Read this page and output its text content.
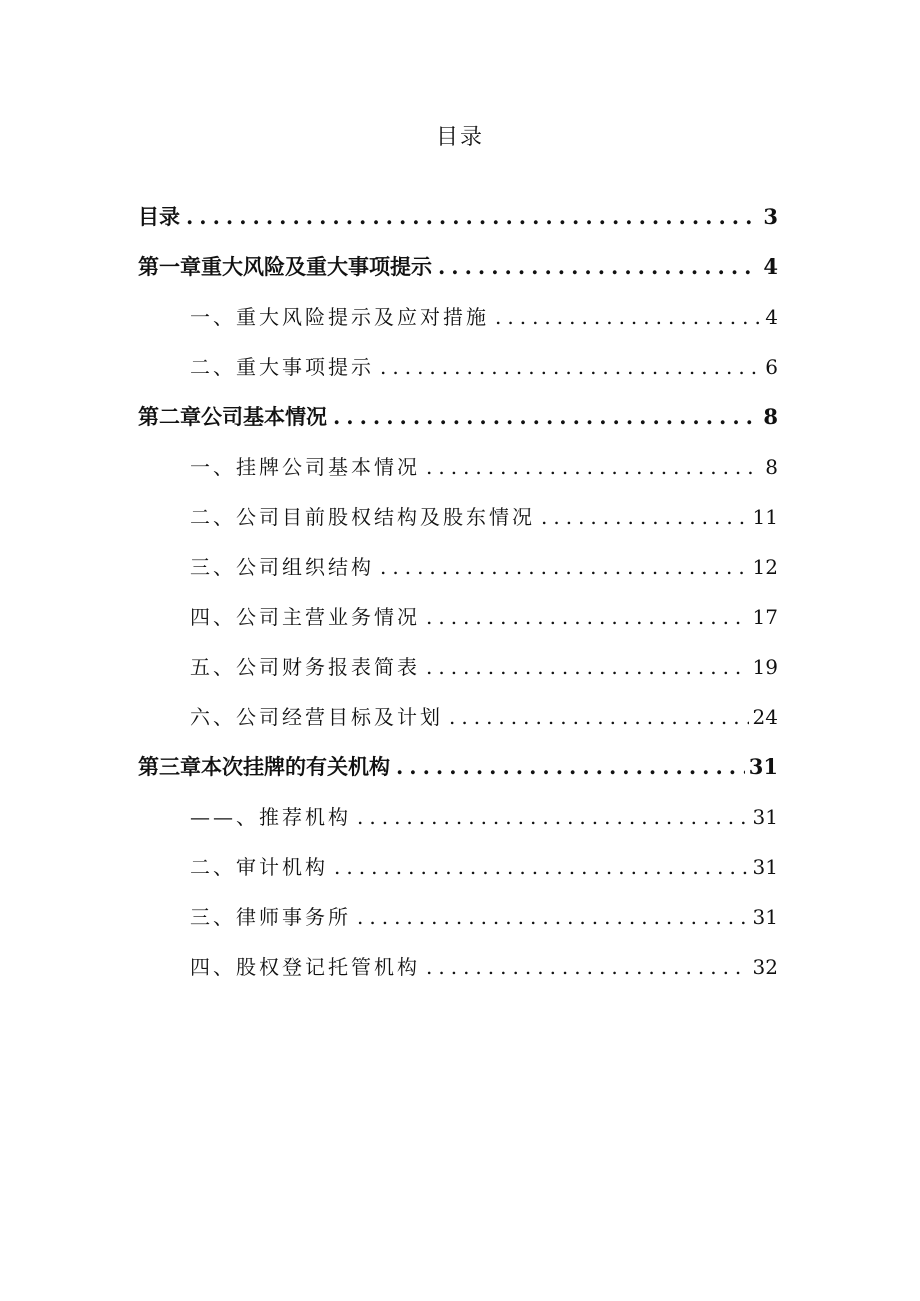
目录
目录 .....	3
第一章重大风险及重大事项提示 .....	4
一、重大风险提示及应对措施 .....	4
二、重大事项提示 .....	6
第二章公司基本情况 .....	8
一、挂牌公司基本情况 .....	8
二、公司目前股权结构及股东情况 .....	11
三、公司组织结构 .....	12
四、公司主营业务情况 .....	17
五、公司财务报表简表 .....	19
六、公司经营目标及计划 .....	24
第三章本次挂牌的有关机构 .....	31
——、推荐机构 .....	31
二、审计机构 .....	31
三、律师事务所 .....	31
四、股权登记托管机构 .....	32
